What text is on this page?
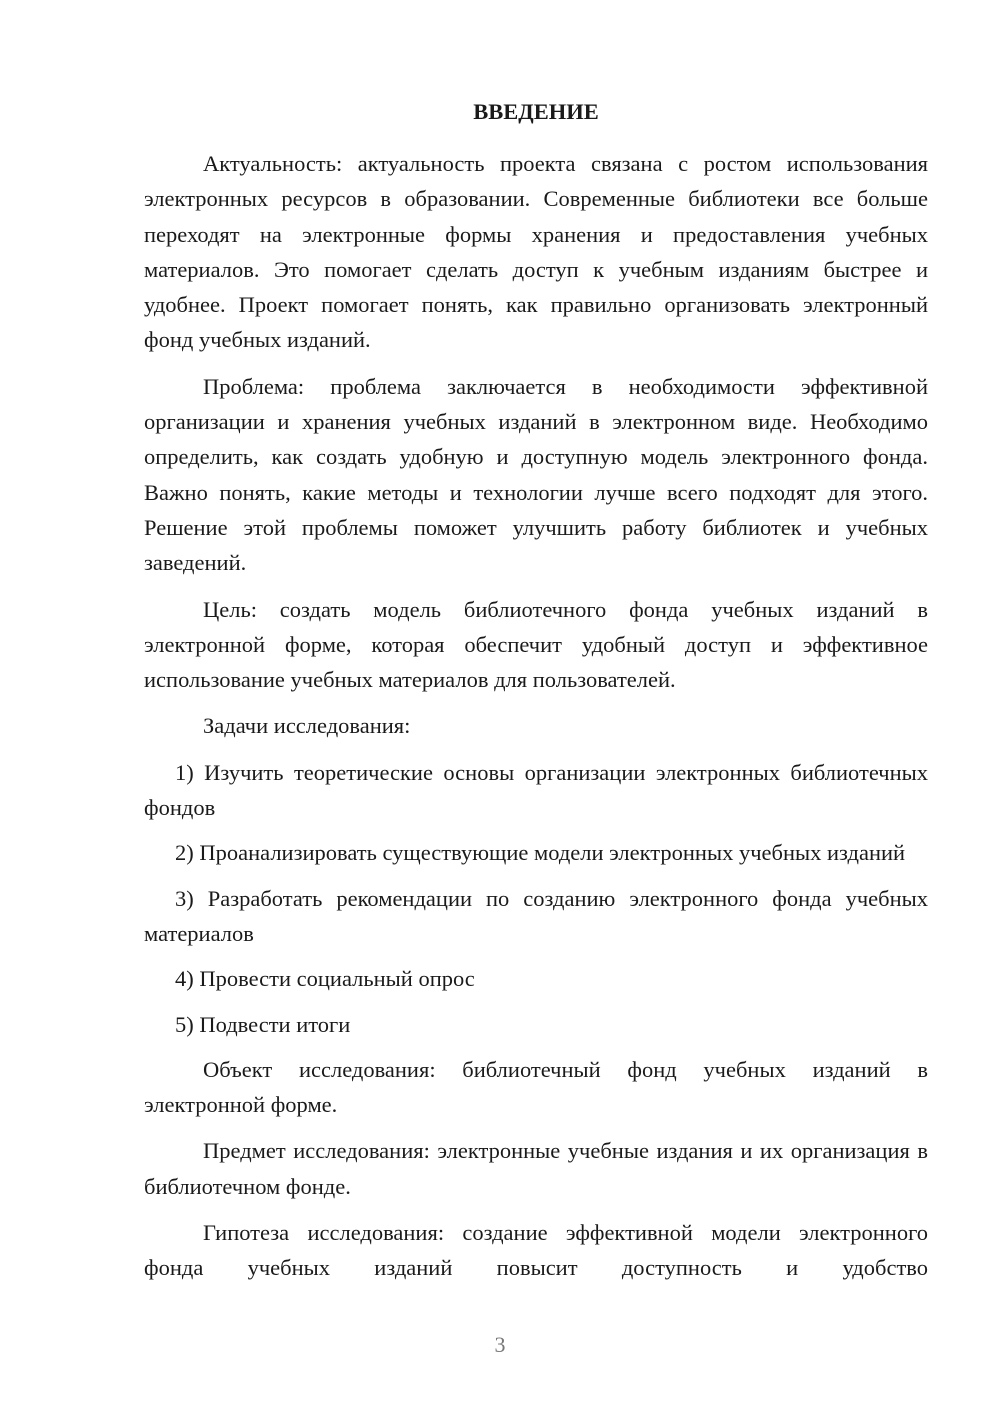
ВВЕДЕНИЕ

Актуальность: актуальность проекта связана с ростом использования электронных ресурсов в образовании. Современные библиотеки все больше переходят на электронные формы хранения и предоставления учебных материалов. Это помогает сделать доступ к учебным изданиям быстрее и удобнее. Проект помогает понять, как правильно организовать электронный фонд учебных изданий.

Проблема: проблема заключается в необходимости эффективной организации и хранения учебных изданий в электронном виде. Необходимо определить, как создать удобную и доступную модель электронного фонда. Важно понять, какие методы и технологии лучше всего подходят для этого. Решение этой проблемы поможет улучшить работу библиотек и учебных заведений.

Цель: создать модель библиотечного фонда учебных изданий в электронной форме, которая обеспечит удобный доступ и эффективное использование учебных материалов для пользователей.

Задачи исследования:

1) Изучить теоретические основы организации электронных библиотечных фондов

2) Проанализировать существующие модели электронных учебных изданий

3) Разработать рекомендации по созданию электронного фонда учебных материалов

4) Провести социальный опрос

5) Подвести итоги

Объект исследования: библиотечный фонд учебных изданий в электронной форме.

Предмет исследования: электронные учебные издания и их организация в библиотечном фонде.

Гипотеза исследования: создание эффективной модели электронного фонда учебных изданий повысит доступность и удобство

3
